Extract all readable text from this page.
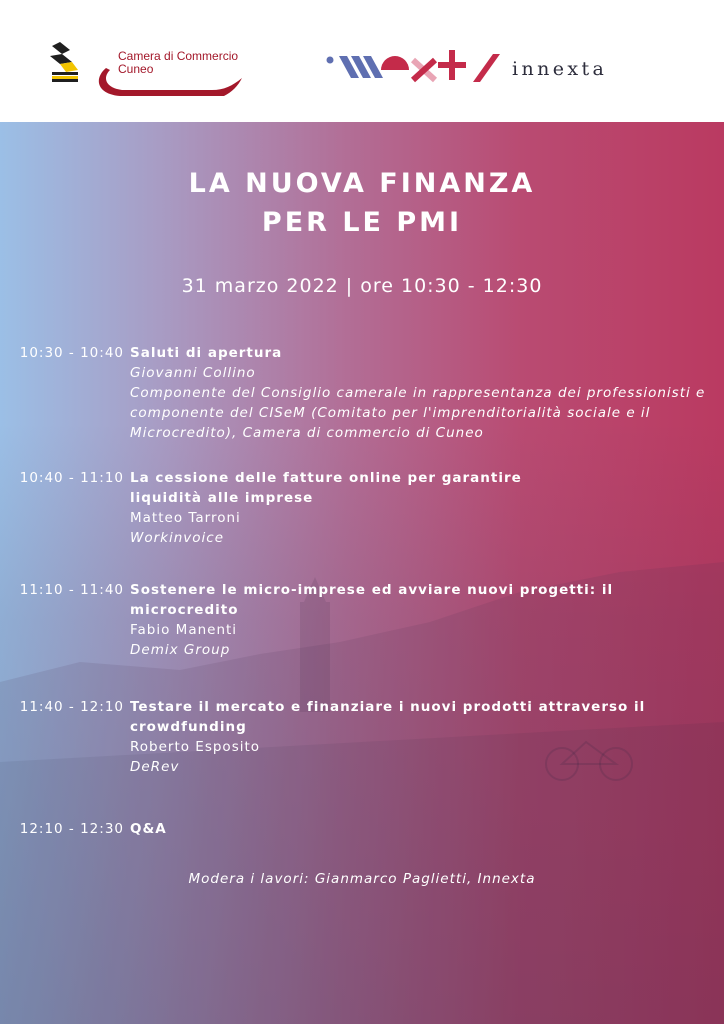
Camera di Commercio
Cuneo	innexta
LA NUOVA FINANZA
PER LE PMI
31 marzo 2022 | ore 10:30 - 12:30
10:30 - 10:40 Saluti di apertura
Giovanni Collino
Componente del Consiglio camerale in rappresentanza dei professionisti e componente del CISeM (Comitato per l'imprenditorialità sociale e il Microcredito), Camera di commercio di Cuneo
10:40 - 11:10 La cessione delle fatture online per garantire liquidità alle imprese
Matteo Tarroni
Workinvoice
11:10 - 11:40 Sostenere le micro-imprese ed avviare nuovi progetti: il microcredito
Fabio Manenti
Demix Group
11:40 - 12:10 Testare il mercato e finanziare i nuovi prodotti attraverso il crowdfunding
Roberto Esposito
DeRev
12:10 - 12:30 Q&A
Modera i lavori: Gianmarco Paglietti, Innexta
